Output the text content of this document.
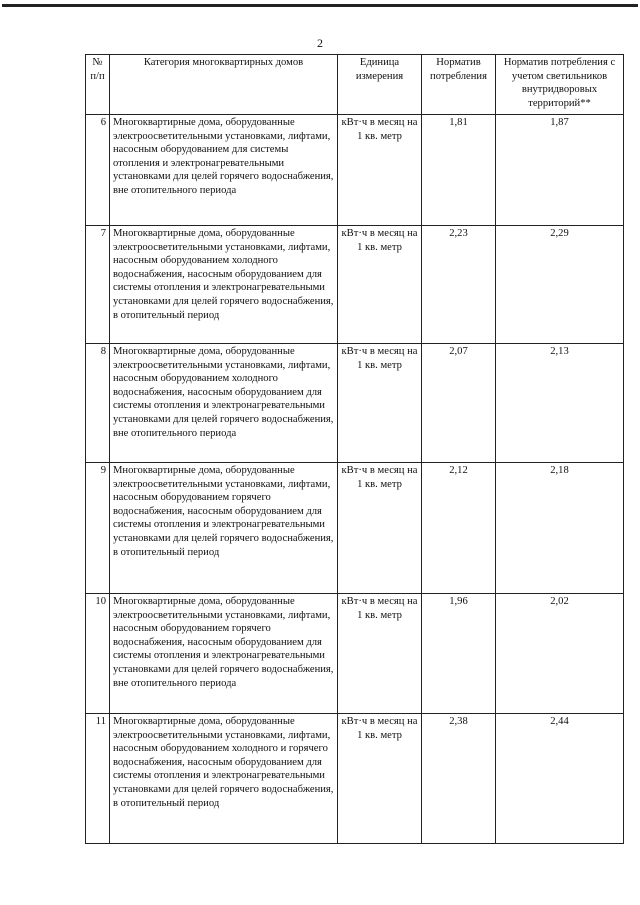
2
№ п/п	Категория многоквартирных домов	Единица измерения	Норматив потребления	Норматив потребления с учетом светильников внутридворовых территорий**
6	Многоквартирные дома, оборудованные электроосветительными установками, лифтами, насосным оборудованием для системы отопления и электронагревательными установками для целей горячего водоснабжения, вне отопительного периода	кВт·ч в месяц на 1 кв. метр	1,81	1,87
7	Многоквартирные дома, оборудованные электроосветительными установками, лифтами, насосным оборудованием холодного водоснабжения, насосным оборудованием для системы отопления и электронагревательными установками для целей горячего водоснабжения, в отопительный период	кВт·ч в месяц на 1 кв. метр	2,23	2,29
8	Многоквартирные дома, оборудованные электроосветительными установками, лифтами, насосным оборудованием холодного водоснабжения, насосным оборудованием для системы отопления и электронагревательными установками для целей горячего водоснабжения, вне отопительного периода	кВт·ч в месяц на 1 кв. метр	2,07	2,13
9	Многоквартирные дома, оборудованные электроосветительными установками, лифтами, насосным оборудованием горячего водоснабжения, насосным оборудованием для системы отопления и электронагревательными установками для целей горячего водоснабжения, в отопительный период	кВт·ч в месяц на 1 кв. метр	2,12	2,18
10	Многоквартирные дома, оборудованные электроосветительными установками, лифтами, насосным оборудованием горячего водоснабжения, насосным оборудованием для системы отопления и электронагревательными установками для целей горячего водоснабжения, вне отопительного периода	кВт·ч в месяц на 1 кв. метр	1,96	2,02
11	Многоквартирные дома, оборудованные электроосветительными установками, лифтами, насосным оборудованием холодного и горячего водоснабжения, насосным оборудованием для системы отопления и электронагревательными установками для целей горячего водоснабжения, в отопительный период	кВт·ч в месяц на 1 кв. метр	2,38	2,44
